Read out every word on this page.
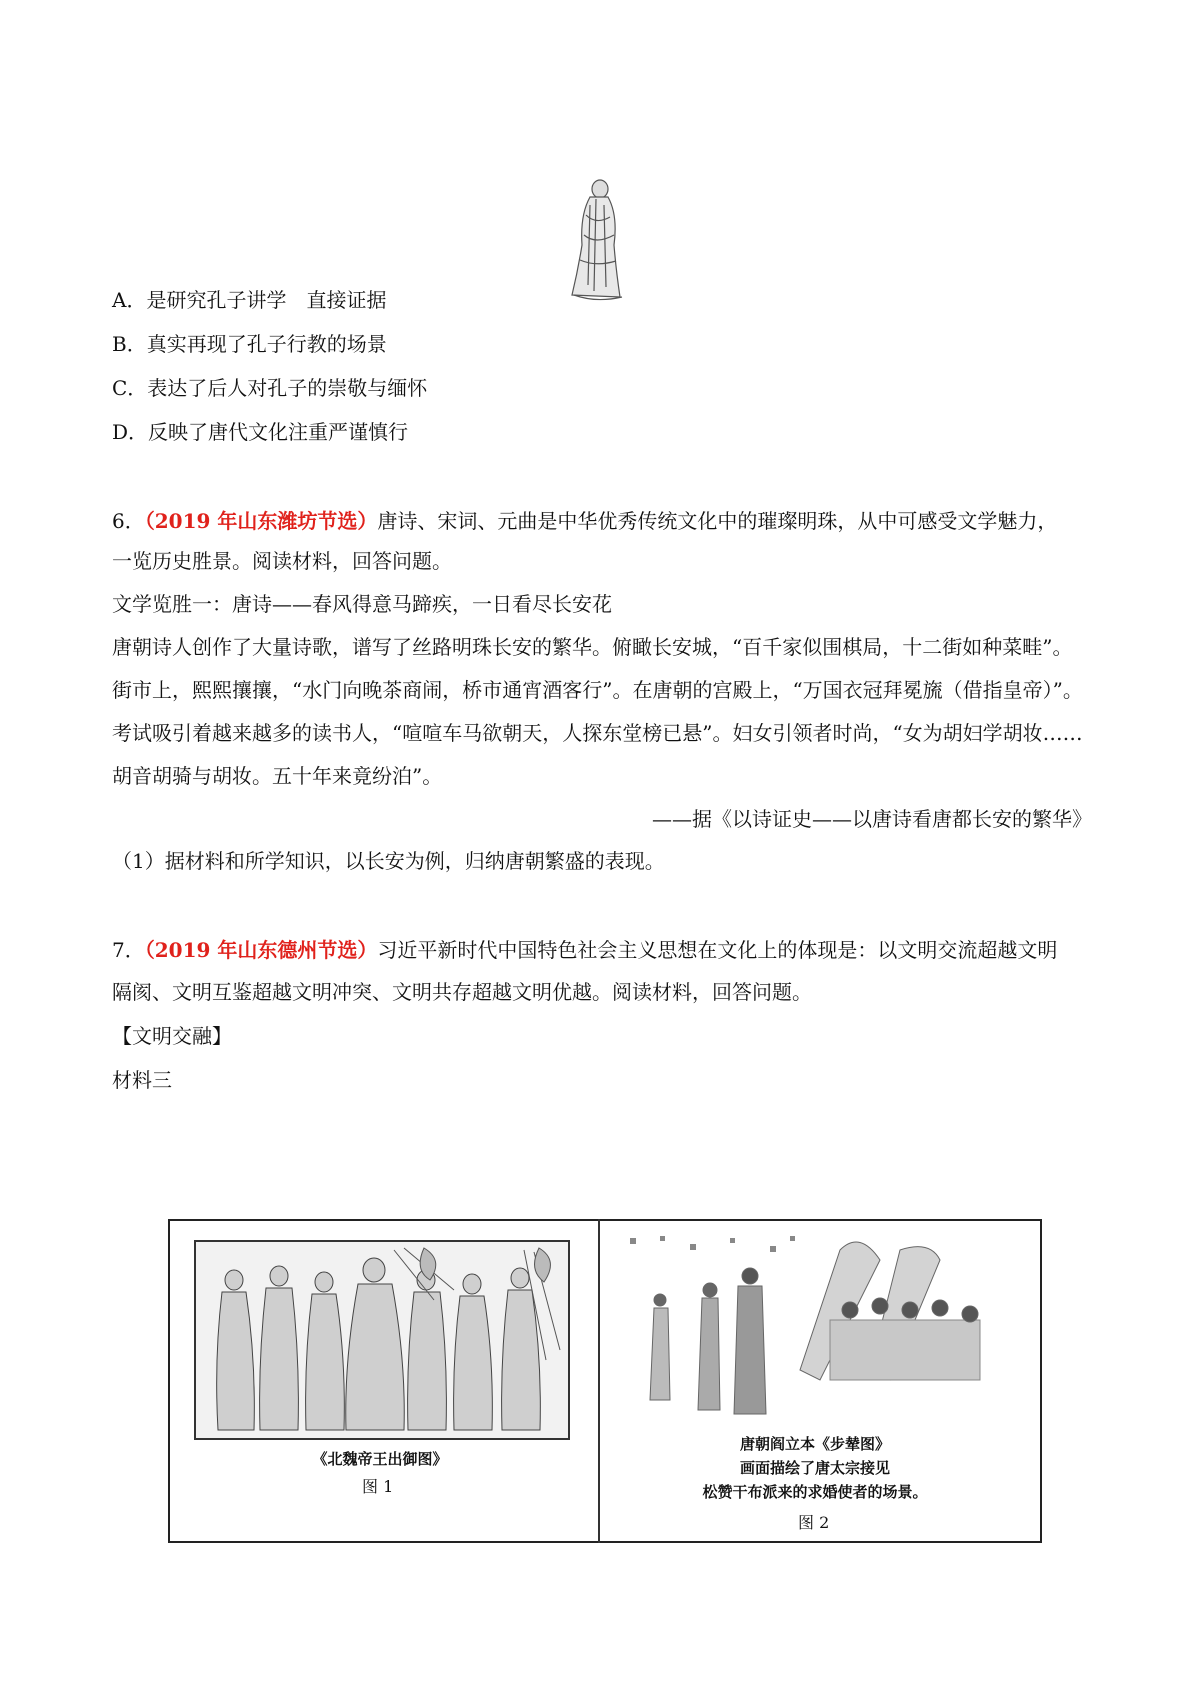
A．是研究孔子讲学　直接证据
B．真实再现了孔子行教的场景
C．表达了后人对孔子的崇敬与缅怀
D．反映了唐代文化注重严谨慎行
6．（2019 年山东潍坊节选）唐诗、宋词、元曲是中华优秀传统文化中的璀璨明珠，从中可感受文学魅力，
一览历史胜景。阅读材料，回答问题。
文学览胜一：唐诗——春风得意马蹄疾，一日看尽长安花
唐朝诗人创作了大量诗歌，谱写了丝路明珠长安的繁华。俯瞰长安城，“百千家似围棋局，十二街如种菜畦”。
街市上，熙熙攘攘，“水门向晚茶商闹，桥市通宵酒客行”。在唐朝的宫殿上，“万国衣冠拜冕旒（借指皇帝）”。
考试吸引着越来越多的读书人，“喧喧车马欲朝天，人探东堂榜已悬”。妇女引领者时尚，“女为胡妇学胡妆……
胡音胡骑与胡妆。五十年来竟纷泊”。
——据《以诗证史——以唐诗看唐都长安的繁华》
（1）据材料和所学知识，以长安为例，归纳唐朝繁盛的表现。
7．（2019 年山东德州节选）习近平新时代中国特色社会主义思想在文化上的体现是：以文明交流超越文明
隔阂、文明互鉴超越文明冲突、文明共存超越文明优越。阅读材料，回答问题。
【文明交融】
材料三
《北魏帝王出御图》
图 1
唐朝阎立本《步辇图》
画面描绘了唐太宗接见
松赞干布派来的求婚使者的场景。
图 2
